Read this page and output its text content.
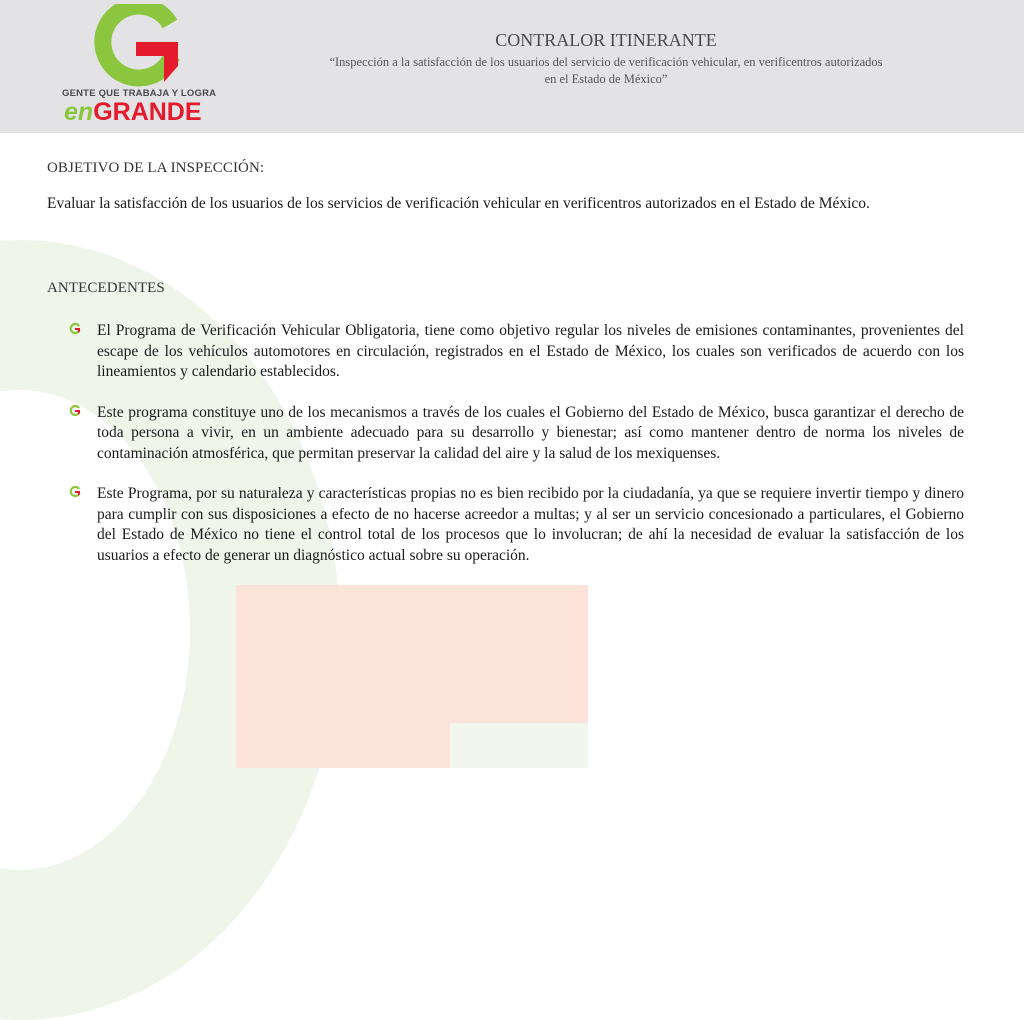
GENTE QUE TRABAJA Y LOGRA
enGRANDE
CONTRALOR ITINERANTE
“Inspección a la satisfacción de los usuarios del servicio de verificación vehicular, en verificentros autorizados
en el Estado de México”
OBJETIVO DE LA INSPECCIÓN:
Evaluar la satisfacción de los usuarios de los servicios de verificación vehicular en verificentros autorizados en el Estado de México.
ANTECEDENTES
El Programa de Verificación Vehicular Obligatoria, tiene como objetivo regular los niveles de emisiones contaminantes, provenientes del escape de los vehículos automotores en circulación, registrados en el Estado de México, los cuales son verificados de acuerdo con los lineamientos y calendario establecidos.
Este programa constituye uno de los mecanismos a través de los cuales el Gobierno del Estado de México, busca garantizar el derecho de toda persona a vivir, en un ambiente adecuado para su desarrollo y bienestar; así como mantener dentro de norma los niveles de contaminación atmosférica, que permitan preservar la calidad del aire y la salud de los mexiquenses.
Este Programa, por su naturaleza y características propias no es bien recibido por la ciudadanía, ya que se requiere invertir tiempo y dinero para cumplir con sus disposiciones a efecto de no hacerse acreedor a multas; y al ser un servicio concesionado a particulares, el Gobierno del Estado de México no tiene el control total de los procesos que lo involucran; de ahí la necesidad de evaluar la satisfacción de los usuarios a efecto de generar un diagnóstico actual sobre su operación.
